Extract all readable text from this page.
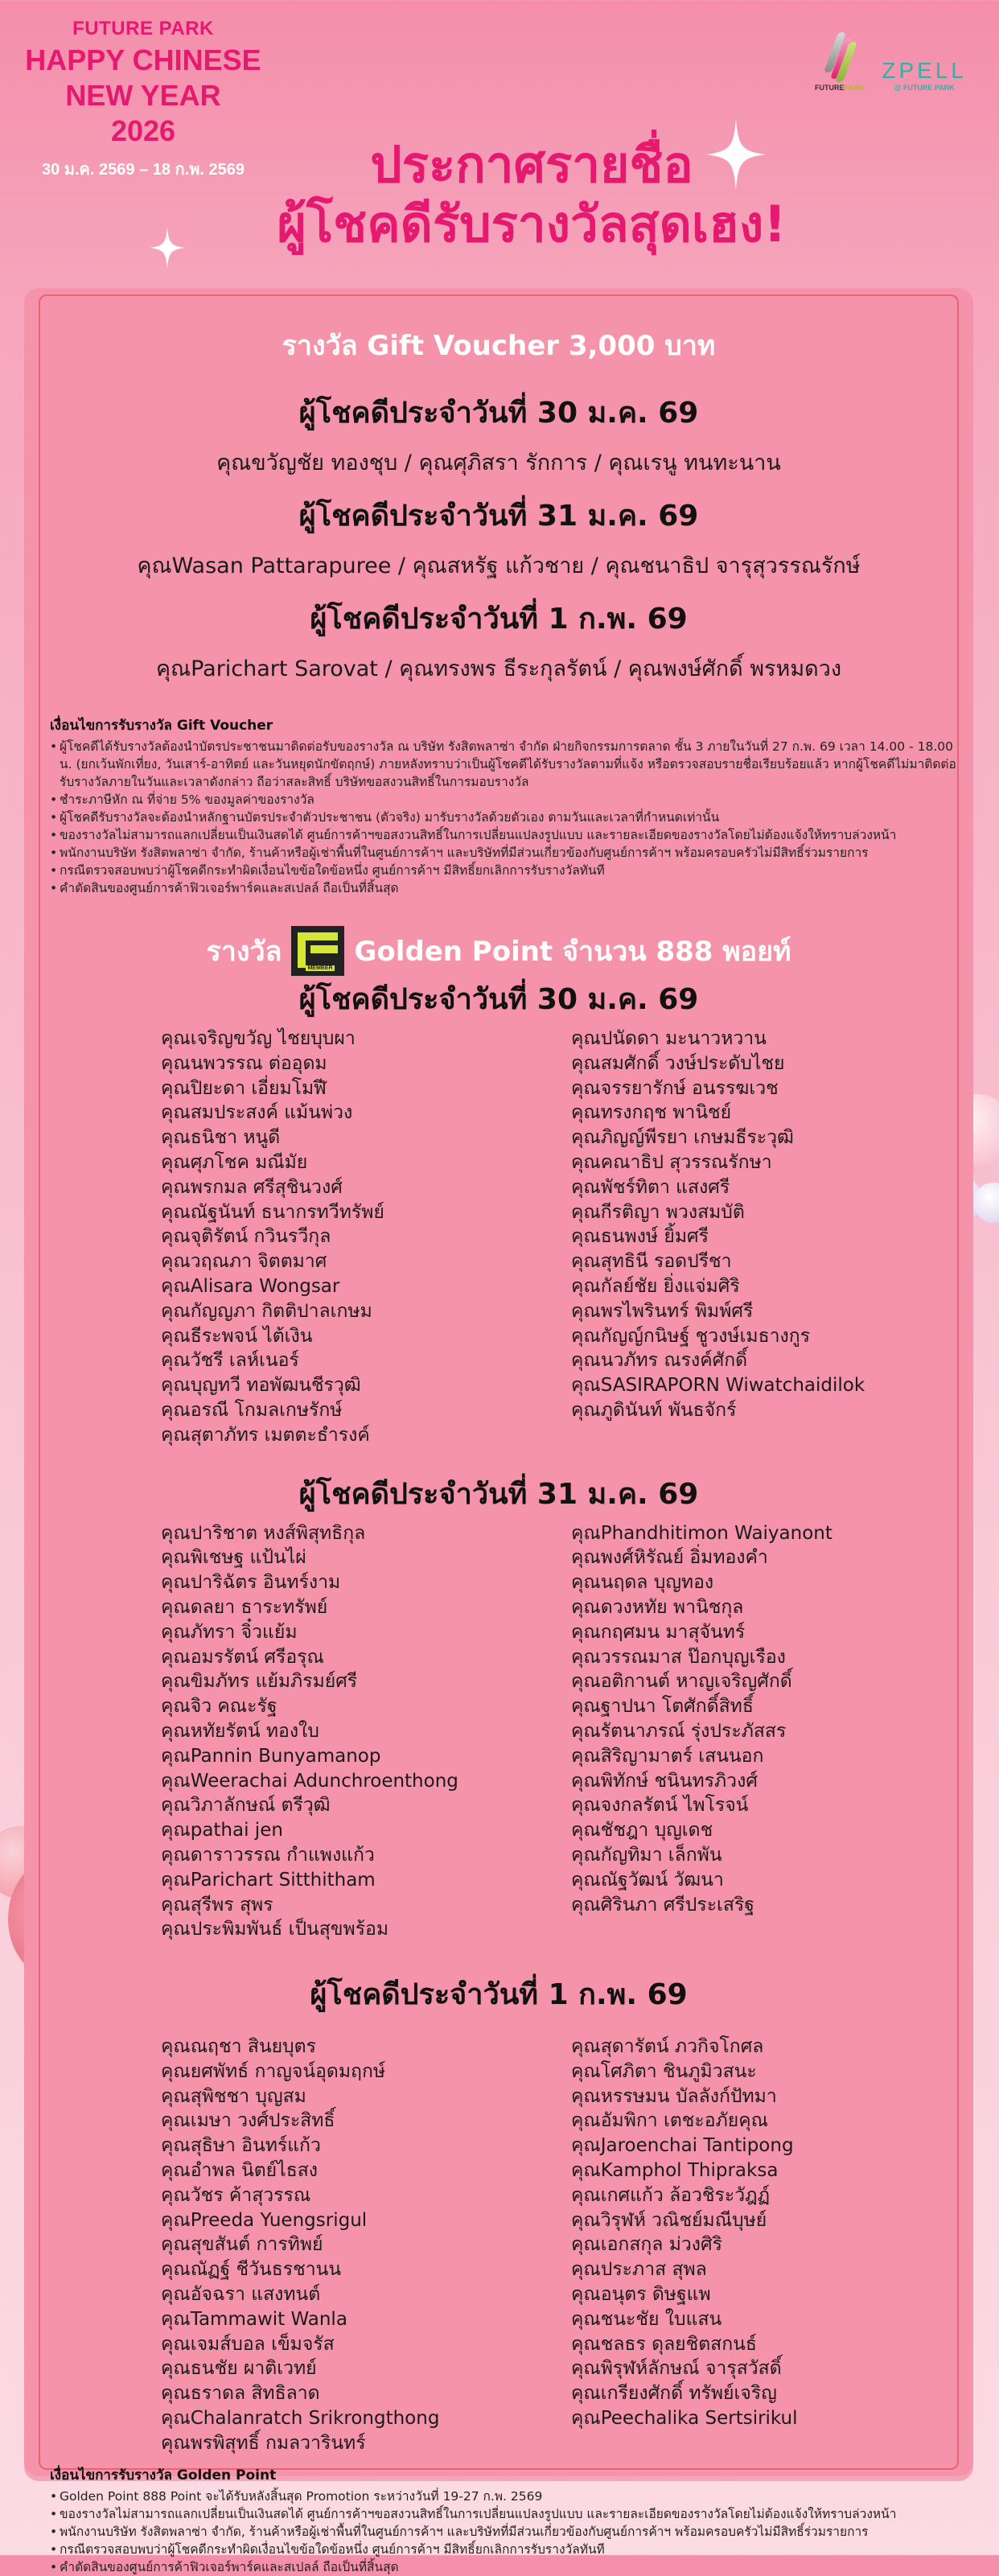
FUTURE PARK
HAPPY CHINESE
NEW YEAR
2026
30 ม.ค. 2569 – 18 ก.พ. 2569
FUTUREPARK
ZPELL
@ FUTURE PARK
ประกาศรายชื่อ
ผู้โชคดีรับรางวัลสุดเฮง!
รางวัล Gift Voucher 3,000 บาท
ผู้โชคดีประจำวันที่ 30 ม.ค. 69
คุณขวัญชัย ทองชุบ / คุณศุภิสรา รักการ / คุณเรนู ทนทะนาน
ผู้โชคดีประจำวันที่ 31 ม.ค. 69
คุณWasan Pattarapuree / คุณสหรัฐ แก้วชาย / คุณชนาธิป จารุสุวรรณรักษ์
ผู้โชคดีประจำวันที่ 1 ก.พ. 69
คุณParichart Sarovat / คุณทรงพร ธีระกุลรัตน์ / คุณพงษ์ศักดิ์ พรหมดวง
เงื่อนไขการรับรางวัล Gift Voucher
• ผู้โชคดีได้รับรางวัลต้องนำบัตรประชาชนมาติดต่อรับของรางวัล ณ บริษัท รังสิตพลาซ่า จำกัด ฝ่ายกิจกรรมการตลาด ชั้น 3 ภายในวันที่ 27 ก.พ. 69 เวลา 14.00 - 18.00 น. (ยกเว้นพักเที่ยง, วันเสาร์-อาทิตย์ และวันหยุดนักขัตฤกษ์) ภายหลังทราบว่าเป็นผู้โชคดีได้รับรางวัลตามที่แจ้ง หรือตรวจสอบรายชื่อเรียบร้อยแล้ว หากผู้โชคดีไม่มาติดต่อรับรางวัลภายในวันและเวลาดังกล่าว ถือว่าสละสิทธิ์ บริษัทขอสงวนสิทธิ์ในการมอบรางวัล
• ชำระภาษีหัก ณ ที่จ่าย 5% ของมูลค่าของรางวัล
• ผู้โชคดีรับรางวัลจะต้องนำหลักฐานบัตรประจำตัวประชาชน (ตัวจริง) มารับรางวัลด้วยตัวเอง ตามวันและเวลาที่กำหนดเท่านั้น
• ของรางวัลไม่สามารถแลกเปลี่ยนเป็นเงินสดได้ ศูนย์การค้าฯขอสงวนสิทธิ์ในการเปลี่ยนแปลงรูปแบบ และรายละเอียดของรางวัลโดยไม่ต้องแจ้งให้ทราบล่วงหน้า
• พนักงานบริษัท รังสิตพลาซ่า จำกัด, ร้านค้าหรือผู้เช่าพื้นที่ในศูนย์การค้าฯ และบริษัทที่มีส่วนเกี่ยวข้องกับศูนย์การค้าฯ พร้อมครอบครัวไม่มีสิทธิ์ร่วมรายการ
• กรณีตรวจสอบพบว่าผู้โชคดีกระทำผิดเงื่อนไขข้อใดข้อหนึ่ง ศูนย์การค้าฯ มีสิทธิ์ยกเลิกการรับรางวัลทันที
• คำตัดสินของศูนย์การค้าฟิวเจอร์พาร์คและสเปลล์ ถือเป็นที่สิ้นสุด
รางวัล
MEMBER
Golden Point จำนวน 888 พอยท์
ผู้โชคดีประจำวันที่ 30 ม.ค. 69
คุณเจริญขวัญ ไชยบุบผา
คุณนพวรรณ ต่ออุดม
คุณปิยะดา เอี่ยมโมฬี
คุณสมประสงค์ แม้นพ่วง
คุณธนิชา หนูดี
คุณศุภโชค มณีมัย
คุณพรกมล ศรีสุชินวงศ์
คุณณัฐนันท์ ธนากรทวีทรัพย์
คุณจุติรัตน์ กวินรวีกุล
คุณวฤณภา จิตตมาศ
คุณAlisara Wongsar
คุณกัญญภา กิตติปาลเกษม
คุณธีระพจน์ ไต้เงิน
คุณวัชรี เลห์เนอร์
คุณบุญทวี ทอพัฒนชีรวุฒิ
คุณอรณี โกมลเกษรักษ์
คุณสุตาภัทร เมตตะธำรงค์
คุณปนัดดา มะนาวหวาน
คุณสมศักดิ์ วงษ์ประดับไชย
คุณจรรยารักษ์ อนรรฆเวช
คุณทรงกฤช พานิชย์
คุณภิญญ์พีรยา เกษมธีระวุฒิ
คุณคณาธิป สุวรรณรักษา
คุณพัชร์ทิตา แสงศรี
คุณกีรติญา พวงสมบัติ
คุณธนพงษ์ ยิ้มศรี
คุณสุทธินี รอดปรีชา
คุณกัลย์ชัย ยิ่งแจ่มศิริ
คุณพรไพรินทร์ พิมพ์ศรี
คุณกัญญ์กนิษฐ์ ชูวงษ์เมธางกูร
คุณนวภัทร ณรงค์ศักดิ์
คุณSASIRAPORN Wiwatchaidilok
คุณภูดินันท์ พันธจักร์
ผู้โชคดีประจำวันที่ 31 ม.ค. 69
คุณปาริชาต หงส์พิสุทธิกุล
คุณพิเชษฐ แป้นไผ่
คุณปาริฉัตร อินทร์งาม
คุณดลยา ธาระทรัพย์
คุณภัทรา จิ๋วแย้ม
คุณอมรรัตน์ ศรีอรุณ
คุณขิมภัทร แย้มภิรมย์ศรี
คุณจิว คณะรัฐ
คุณหทัยรัตน์ ทองใบ
คุณPannin Bunyamanop
คุณWeerachai Adunchroenthong
คุณวิภาลักษณ์ ตรีวุฒิ
คุณpathai jen
คุณดาราวรรณ กำแพงแก้ว
คุณParichart Sitthitham
คุณสุรีพร สุพร
คุณประพิมพันธ์ เป็นสุขพร้อม
คุณPhandhitimon Waiyanont
คุณพงศ์หิรัณย์ อิ่มทองคำ
คุณนฤดล บุญทอง
คุณดวงหทัย พานิชกุล
คุณกฤศมน มาสุจันทร์
คุณวรรณมาส ป๊อกบุญเรือง
คุณอติกานต์ หาญเจริญศักดิ์
คุณฐาปนา โตศักดิ์สิทธิ์
คุณรัตนาภรณ์ รุ่งประภัสสร
คุณสิริญามาตร์ เสนนอก
คุณพิทักษ์ ชนินทรภิวงศ์
คุณจงกลรัตน์ ไพโรจน์
คุณชัชฎา บุญเดช
คุณกัญทิมา เล็กพัน
คุณณัฐวัฒน์ วัฒนา
คุณศิรินภา ศรีประเสริฐ
ผู้โชคดีประจำวันที่ 1 ก.พ. 69
คุณณฤชา สินยบุตร
คุณยศพัทธ์ กาญจน์อุดมฤกษ์
คุณสุพิชชา บุญสม
คุณเมษา วงศ์ประสิทธิ์
คุณสุธิษา อินทร์แก้ว
คุณอำพล นิตย์ไธสง
คุณวัชร ค้าสุวรรณ
คุณPreeda Yuengsrigul
คุณสุขสันต์ การทิพย์
คุณณัฏฐ์ ชีวันธรชานน
คุณอัจฉรา แสงทนต์
คุณTammawit Wanla
คุณเจมส์บอล เข็มจรัส
คุณธนชัย ผาติเวทย์
คุณธราดล สิทธิลาด
คุณChalanratch Srikrongthong
คุณพรพิสุทธิ์ กมลวารินทร์
คุณสุดารัตน์ ภวกิจโกศล
คุณโศภิตา ชินภูมิวสนะ
คุณหรรษมน บัลลังก์ปัทมา
คุณอัมพิกา เตชะอภัยคุณ
คุณJaroenchai Tantipong
คุณKamphol Thipraksa
คุณเกศแก้ว ล้อวชิระวัฎฏ์
คุณวิรุฬห์ วณิชย์มณีบุษย์
คุณเอกสกุล ม่วงศิริ
คุณประภาส สุพล
คุณอนุตร ดิษฐแพ
คุณชนะชัย ใบแสน
คุณชลธร ดุลยชิตสกนธ์
คุณพิรุฬห์ลักษณ์ จารุสวัสดิ์
คุณเกรียงศักดิ์ ทรัพย์เจริญ
คุณPeechalika Sertsirikul
เงื่อนไขการรับรางวัล Golden Point
• Golden Point 888 Point จะได้รับหลังสิ้นสุด Promotion ระหว่างวันที่ 19-27 ก.พ. 2569
• ของรางวัลไม่สามารถแลกเปลี่ยนเป็นเงินสดได้ ศูนย์การค้าฯขอสงวนสิทธิ์ในการเปลี่ยนแปลงรูปแบบ และรายละเอียดของรางวัลโดยไม่ต้องแจ้งให้ทราบล่วงหน้า
• พนักงานบริษัท รังสิตพลาซ่า จำกัด, ร้านค้าหรือผู้เช่าพื้นที่ในศูนย์การค้าฯ และบริษัทที่มีส่วนเกี่ยวข้องกับศูนย์การค้าฯ พร้อมครอบครัวไม่มีสิทธิ์ร่วมรายการ
• กรณีตรวจสอบพบว่าผู้โชคดีกระทำผิดเงื่อนไขข้อใดข้อหนึ่ง ศูนย์การค้าฯ มีสิทธิ์ยกเลิกการรับรางวัลทันที
• คำตัดสินของศูนย์การค้าฟิวเจอร์พาร์คและสเปลล์ ถือเป็นที่สิ้นสุด
